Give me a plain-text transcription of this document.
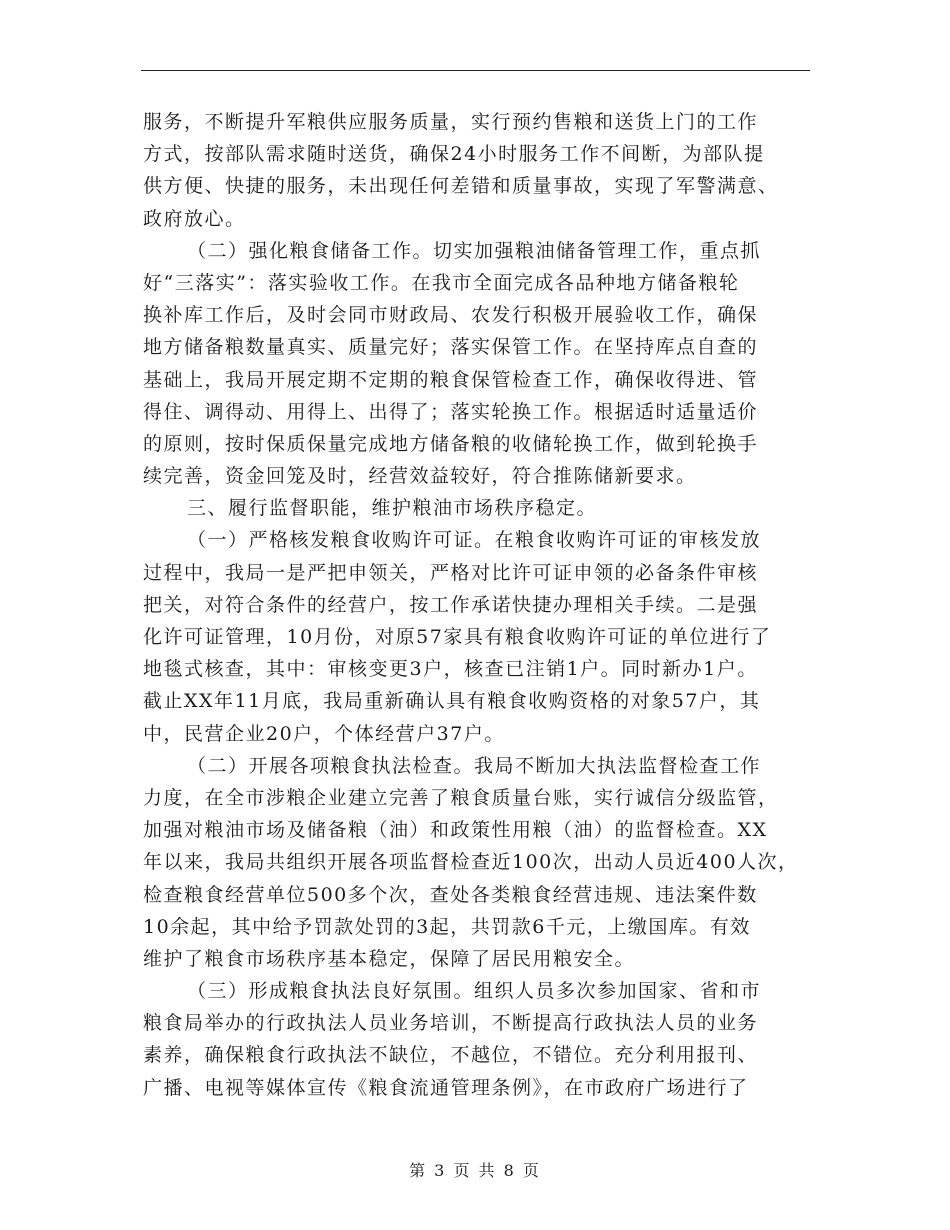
服务，不断提升军粮供应服务质量，实行预约售粮和送货上门的工作
方式，按部队需求随时送货，确保24小时服务工作不间断，为部队提
供方便、快捷的服务，未出现任何差错和质量事故，实现了军警满意、
政府放心。
（二）强化粮食储备工作。切实加强粮油储备管理工作，重点抓
好“三落实”：落实验收工作。在我市全面完成各品种地方储备粮轮
换补库工作后，及时会同市财政局、农发行积极开展验收工作，确保
地方储备粮数量真实、质量完好；落实保管工作。在坚持库点自查的
基础上，我局开展定期不定期的粮食保管检查工作，确保收得进、管
得住、调得动、用得上、出得了；落实轮换工作。根据适时适量适价
的原则，按时保质保量完成地方储备粮的收储轮换工作，做到轮换手
续完善，资金回笼及时，经营效益较好，符合推陈储新要求。
三、履行监督职能，维护粮油市场秩序稳定。
（一）严格核发粮食收购许可证。在粮食收购许可证的审核发放
过程中，我局一是严把申领关，严格对比许可证申领的必备条件审核
把关，对符合条件的经营户，按工作承诺快捷办理相关手续。二是强
化许可证管理，10月份，对原57家具有粮食收购许可证的单位进行了
地毯式核查，其中：审核变更3户，核查已注销1户。同时新办1户。
截止XX年11月底，我局重新确认具有粮食收购资格的对象57户，其
中，民营企业20户，个体经营户37户。
（二）开展各项粮食执法检查。我局不断加大执法监督检查工作
力度，在全市涉粮企业建立完善了粮食质量台账，实行诚信分级监管，
加强对粮油市场及储备粮（油）和政策性用粮（油）的监督检查。XX
年以来，我局共组织开展各项监督检查近100次，出动人员近400人次，
检查粮食经营单位500多个次，查处各类粮食经营违规、违法案件数
10余起，其中给予罚款处罚的3起，共罚款6千元，上缴国库。有效
维护了粮食市场秩序基本稳定，保障了居民用粮安全。
（三）形成粮食执法良好氛围。组织人员多次参加国家、省和市
粮食局举办的行政执法人员业务培训，不断提高行政执法人员的业务
素养，确保粮食行政执法不缺位，不越位，不错位。充分利用报刊、
广播、电视等媒体宣传《粮食流通管理条例》，在市政府广场进行了
第 3 页 共 8 页
